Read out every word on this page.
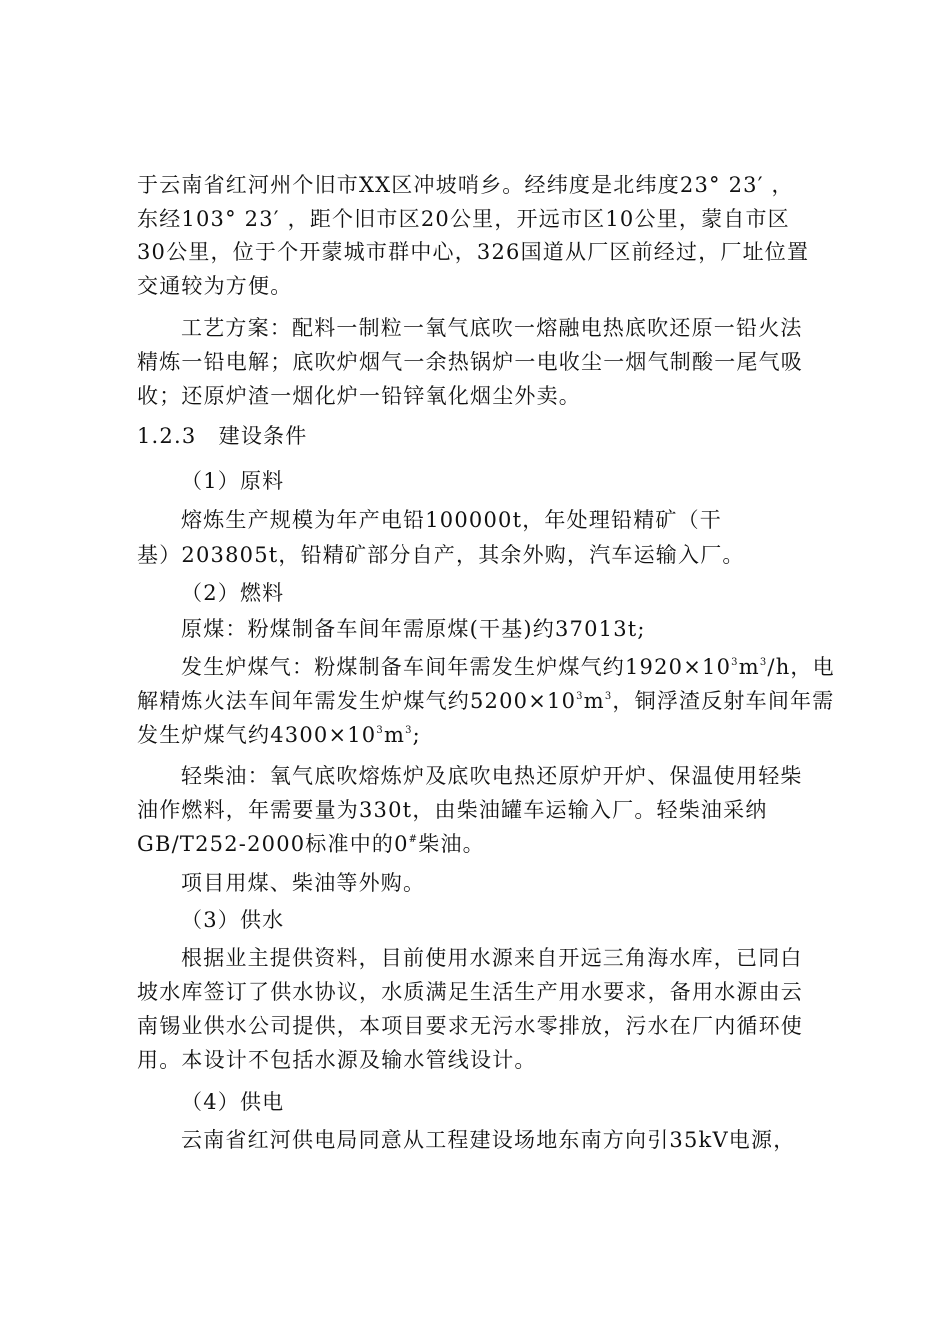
于云南省红河州个旧市XX区冲坡哨乡。经纬度是北纬度23° 23′ ，
东经103° 23′ ，距个旧市区20公里，开远市区10公里，蒙自市区
30公里，位于个开蒙城市群中心，326国道从厂区前经过，厂址位置
交通较为方便。
工艺方案：配料一制粒一氧气底吹一熔融电热底吹还原一铅火法
精炼一铅电解；底吹炉烟气一余热锅炉一电收尘一烟气制酸一尾气吸
收；还原炉渣一烟化炉一铅锌氧化烟尘外卖。
1.2.3　建设条件
（1）原料
熔炼生产规模为年产电铅100000t，年处理铅精矿（干
基）203805t，铅精矿部分自产，其余外购，汽车运输入厂。
（2）燃料
原煤：粉煤制备车间年需原煤(干基)约37013t;
发生炉煤气：粉煤制备车间年需发生炉煤气约$1920\times 10^3m^3/h$，电
解精炼火法车间年需发生炉煤气约$5200\times 10^3m^3$，铜浮渣反射车间年需
发生炉煤气约$4300\times 10^3m^3$;
轻柴油：氧气底吹熔炼炉及底吹电热还原炉开炉、保温使用轻柴
油作燃料，年需要量为330t，由柴油罐车运输入厂。轻柴油采纳
GB/T252-2000标准中的0#柴油。
项目用煤、柴油等外购。
（3）供水
根据业主提供资料，目前使用水源来自开远三角海水库，已同白
坡水库签订了供水协议，水质满足生活生产用水要求，备用水源由云
南锡业供水公司提供，本项目要求无污水零排放，污水在厂内循环使
用。本设计不包括水源及输水管线设计。
（4）供电
云南省红河供电局同意从工程建设场地东南方向引35kV电源，
